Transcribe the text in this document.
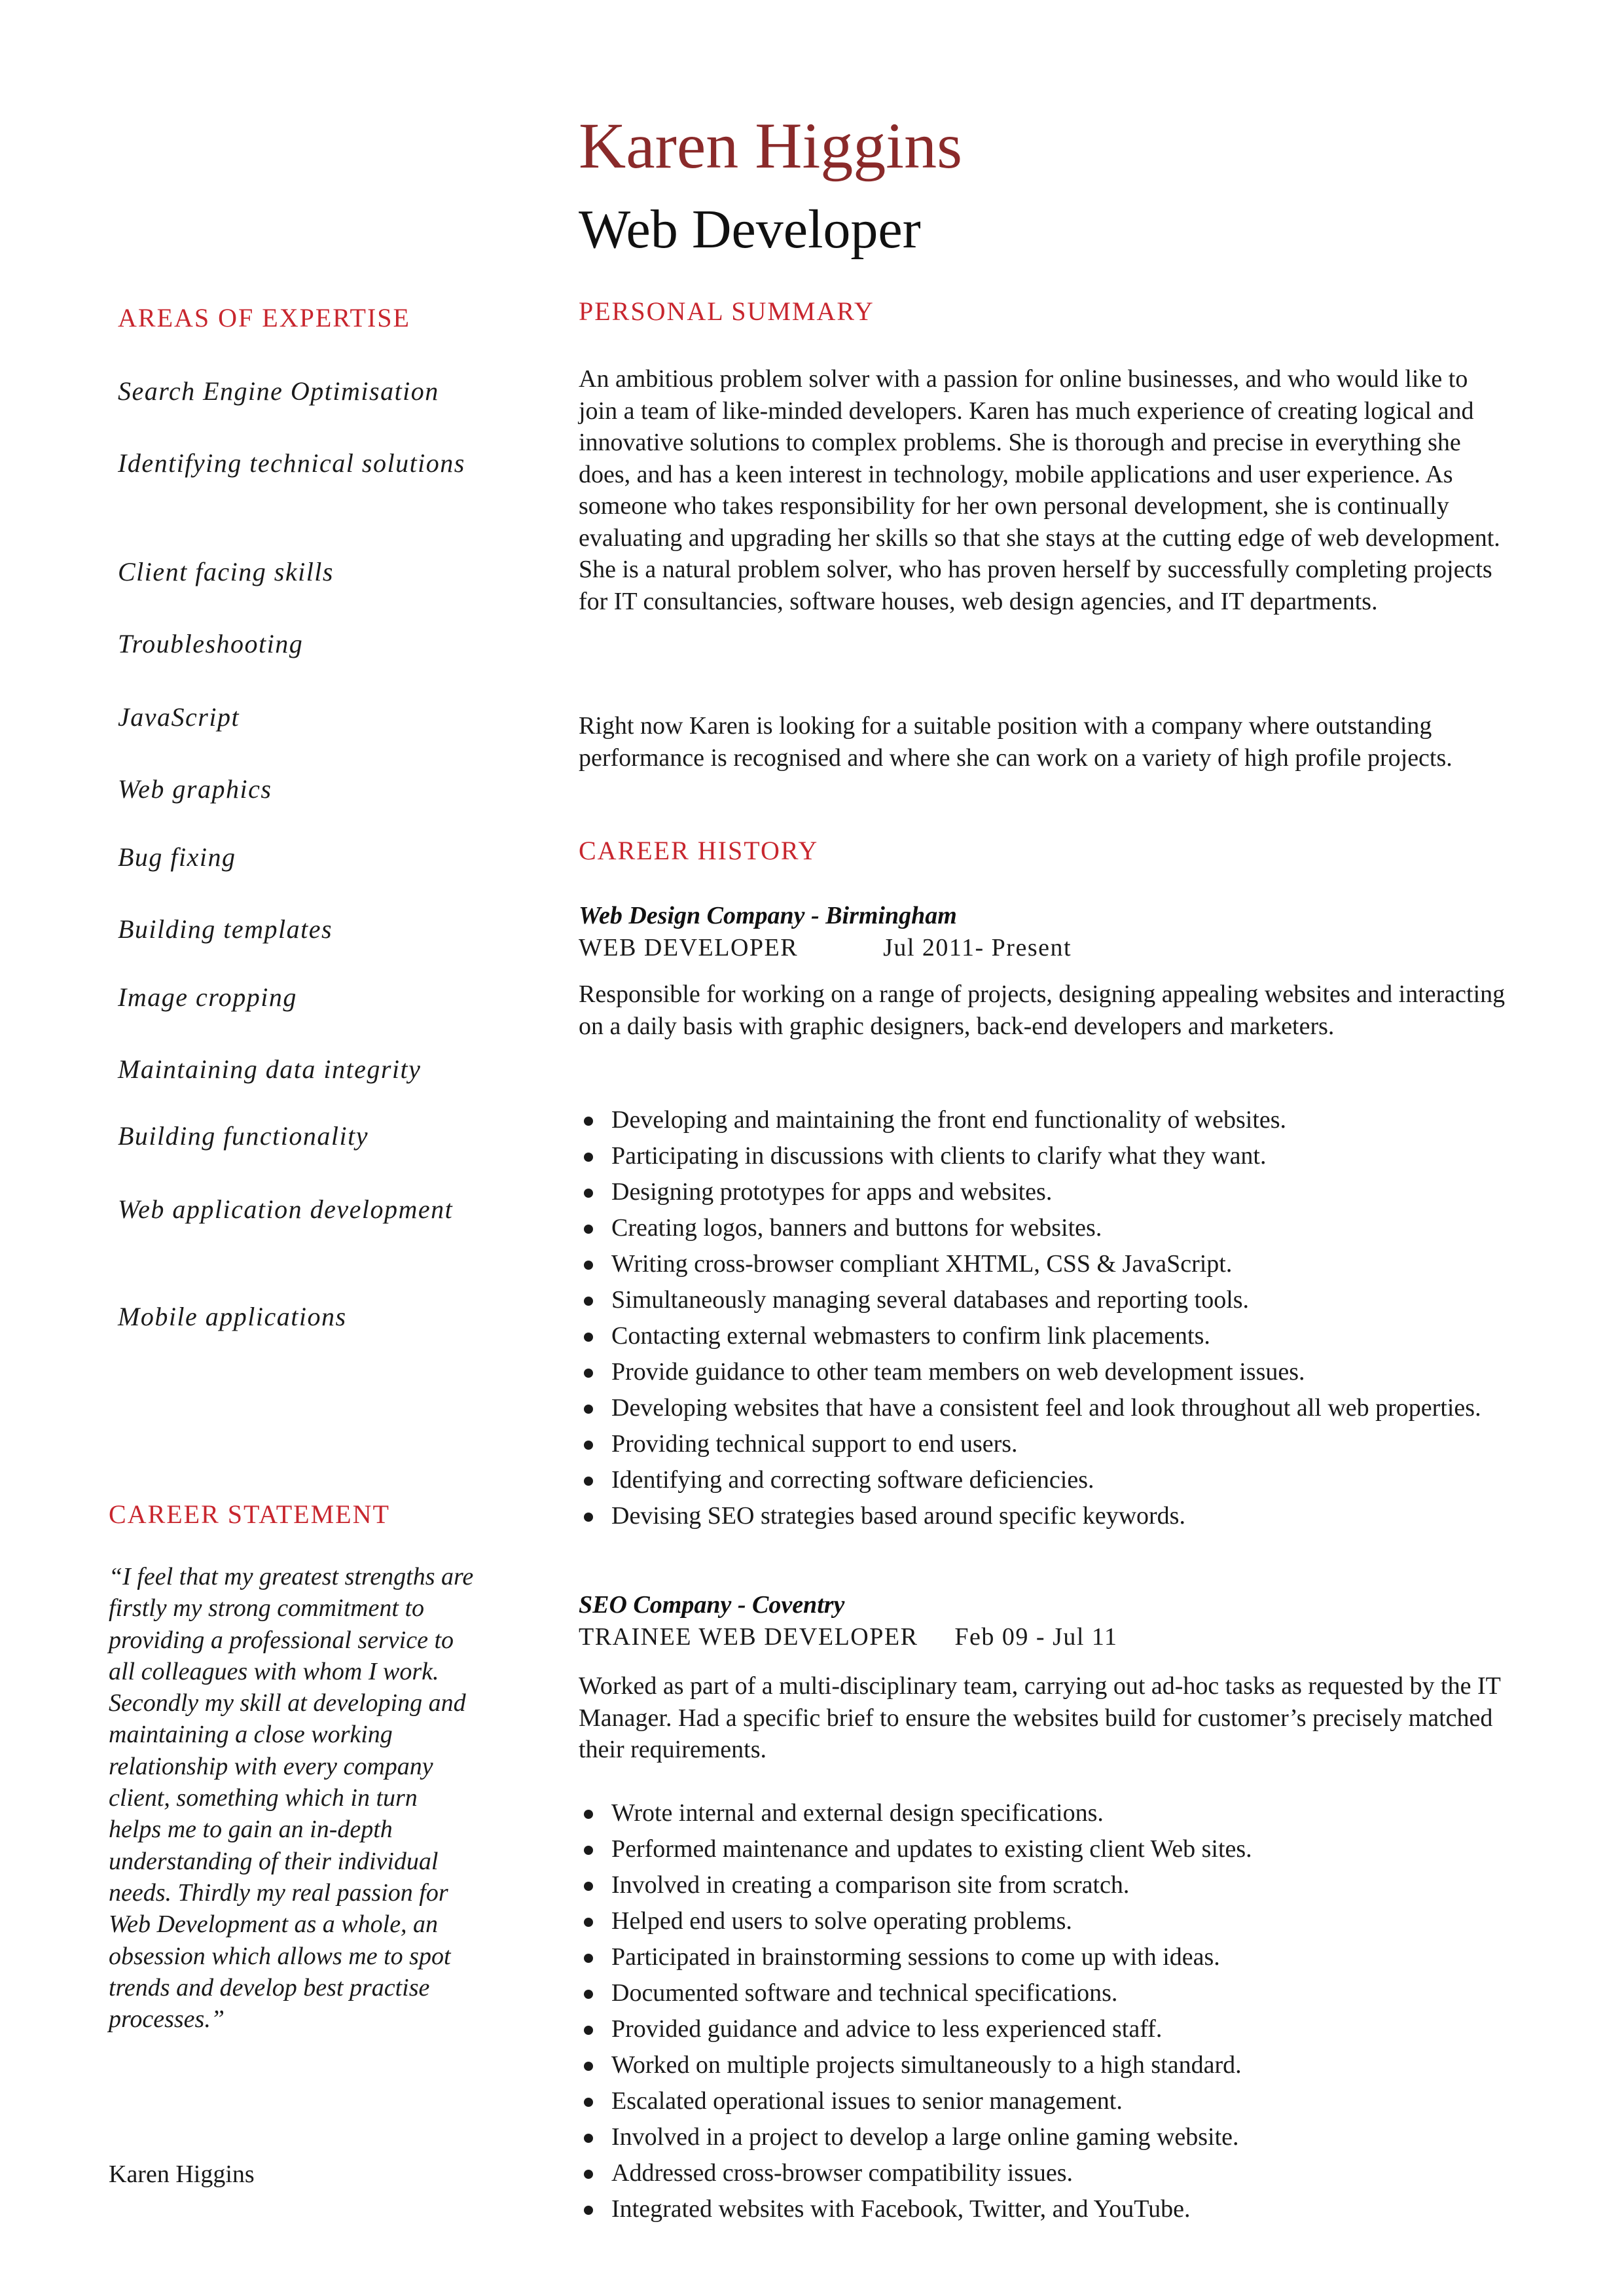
Karen Higgins
Web Developer
AREAS OF EXPERTISE
Search Engine Optimisation
Identifying technical solutions
Client facing skills
Troubleshooting
JavaScript
Web graphics
Bug fixing
Building templates
Image cropping
Maintaining data integrity
Building functionality
Web application development
Mobile applications
CAREER STATEMENT

“I feel that my greatest strengths are firstly my strong commitment to providing a professional service to all colleagues with whom I work. Secondly my skill at developing and maintaining a close working relationship with every company client, something which in turn helps me to gain an in-depth understanding of their individual needs. Thirdly my real passion for Web Development as a whole, an obsession which allows me to spot trends and develop best practise processes.”

Karen Higgins

PERSONAL SUMMARY

An ambitious problem solver with a passion for online businesses, and who would like to join a team of like-minded developers. Karen has much experience of creating logical and innovative solutions to complex problems. She is thorough and precise in everything she does, and has a keen interest in technology, mobile applications and user experience. As someone who takes responsibility for her own personal development, she is continually evaluating and upgrading her skills so that she stays at the cutting edge of web development. She is a natural problem solver, who has proven herself by successfully completing projects for IT consultancies, software houses, web design agencies, and IT departments.

Right now Karen is looking for a suitable position with a company where outstanding performance is recognised and where she can work on a variety of high profile projects.

CAREER HISTORY

Web Design Company - Birmingham

WEB DEVELOPER	Jul 2011- Present

Responsible for working on a range of projects, designing appealing websites and interacting on a daily basis with graphic designers, back-end developers and marketers.

Developing and maintaining the front end functionality of websites.
Participating in discussions with clients to clarify what they want.
Designing prototypes for apps and websites.
Creating logos, banners and buttons for websites.
Writing cross-browser compliant XHTML, CSS & JavaScript.
Simultaneously managing several databases and reporting tools.
Contacting external webmasters to confirm link placements.
Provide guidance to other team members on web development issues.
Developing websites that have a consistent feel and look throughout all web properties.
Providing technical support to end users.
Identifying and correcting software deficiencies.
Devising SEO strategies based around specific keywords.

SEO Company - Coventry

TRAINEE WEB DEVELOPER Feb 09 - Jul 11

Worked as part of a multi-disciplinary team, carrying out ad-hoc tasks as requested by the IT Manager. Had a specific brief to ensure the websites build for customer’s precisely matched their requirements.

Wrote internal and external design specifications.
Performed maintenance and updates to existing client Web sites.
Involved in creating a comparison site from scratch.
Helped end users to solve operating problems.
Participated in brainstorming sessions to come up with ideas.
Documented software and technical specifications.
Provided guidance and advice to less experienced staff.
Worked on multiple projects simultaneously to a high standard.
Escalated operational issues to senior management.
Involved in a project to develop a large online gaming website.
Addressed cross-browser compatibility issues.
Integrated websites with Facebook, Twitter, and YouTube.
